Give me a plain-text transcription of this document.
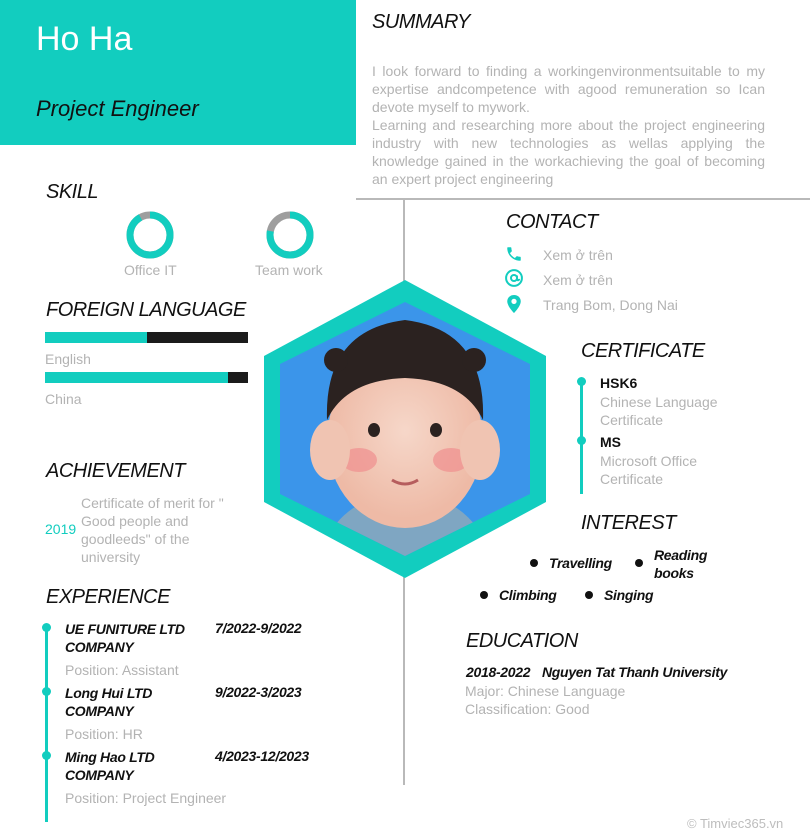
Ho Ha
Project Engineer
SUMMARY
I look forward to finding a workingenvironmentsuitable to my expertise andcompetence with agood remuneration so Ican devote myself to mywork.
Learning and researching more about the project engineering industry with new technologies as wellas applying the knowledge gained in the workachieving the goal of becoming an expert project engineering
SKILL
Office IT	Team work
FOREIGN LANGUAGE
English
China
ACHIEVEMENT
2019
Certificate of merit for " Good people and goodleeds" of the university
EXPERIENCE
UE FUNITURE LTD COMPANY
7/2022-9/2022
Position: Assistant
Long Hui LTD COMPANY
9/2022-3/2023
Position: HR
Ming Hao LTD COMPANY
4/2023-12/2023
Position: Project Engineer
CONTACT
Xem ở trên
Xem ở trên
Trang Bom, Dong Nai
CERTIFICATE
HSK6
Chinese Language Certificate
MS
Microsoft Office Certificate
INTEREST
Travelling	Reading books
Climbing	Singing
EDUCATION
2018-2022 Nguyen Tat Thanh University
Major: Chinese Language
Classification: Good
© Timviec365.vn
